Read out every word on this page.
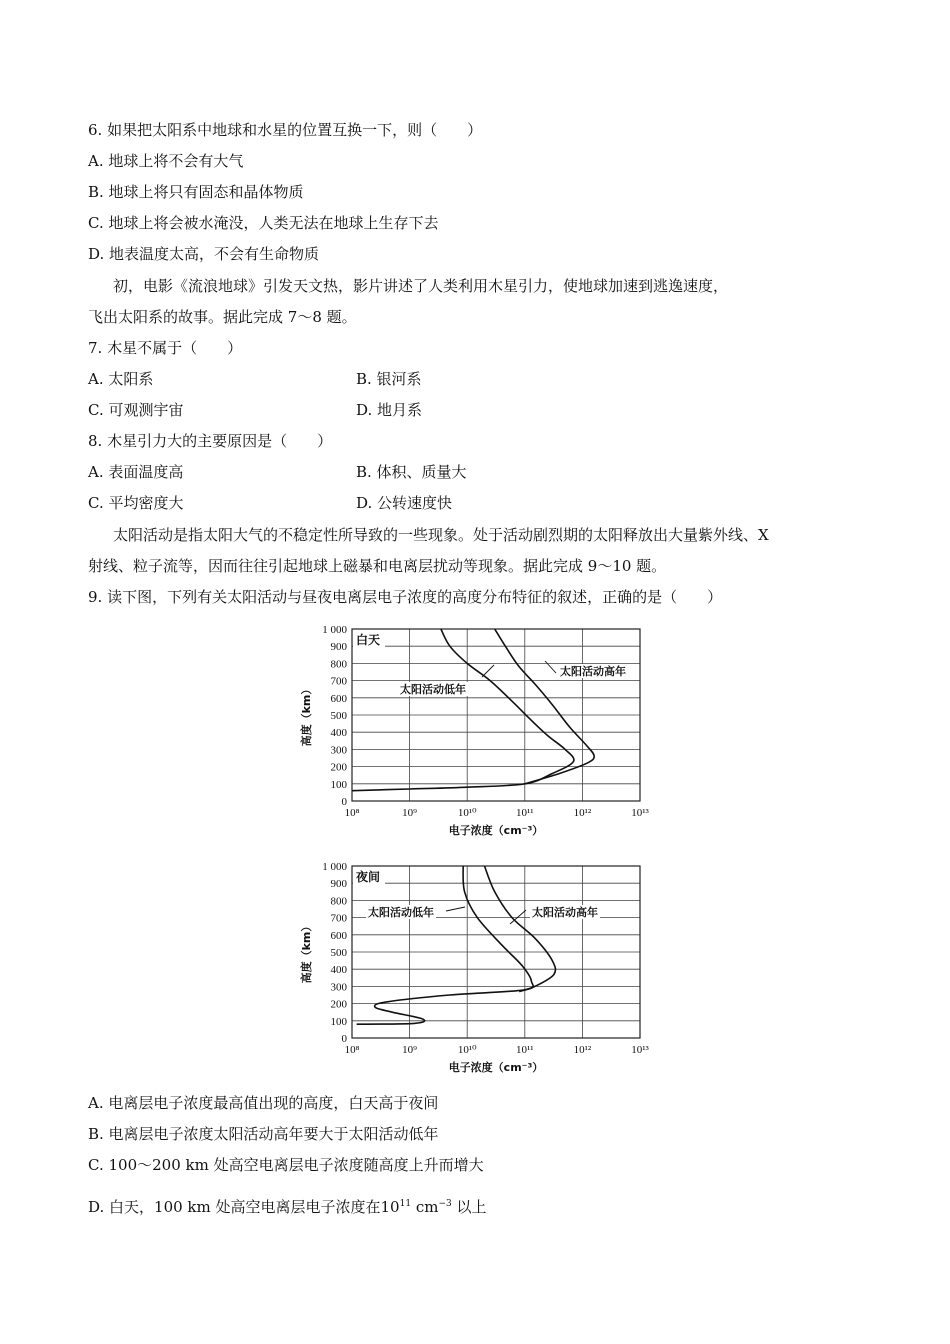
6. 如果把太阳系中地球和水星的位置互换一下，则（　　）
A. 地球上将不会有大气
B. 地球上将只有固态和晶体物质
C. 地球上将会被水淹没，人类无法在地球上生存下去
D. 地表温度太高，不会有生命物质
初，电影《流浪地球》引发天文热，影片讲述了人类利用木星引力，使地球加速到逃逸速度，
飞出太阳系的故事。据此完成 7～8 题。
7. 木星不属于（　　）
A. 太阳系	B. 银河系
C. 可观测宇宙	D. 地月系
8. 木星引力大的主要原因是（　　）
A. 表面温度高	B. 体积、质量大
C. 平均密度大	D. 公转速度快
太阳活动是指太阳大气的不稳定性所导致的一些现象。处于活动剧烈期的太阳释放出大量紫外线、X
射线、粒子流等，因而往往引起地球上磁暴和电离层扰动等现象。据此完成 9～10 题。
9. 读下图，下列有关太阳活动与昼夜电离层电子浓度的高度分布特征的叙述，正确的是（　　）
0
100
200
300
400
500
600
700
800
900
1 000
10⁸	10⁹	10¹⁰	10¹¹	10¹²	10¹³
白天
高度（km）
电子浓度（cm⁻³）
太阳活动低年
太阳活动高年
0
100
200
300
400
500
600
700
800
900
1 000
10⁸	10⁹	10¹⁰	10¹¹	10¹²	10¹³
夜间
高度（km）
电子浓度（cm⁻³）
太阳活动低年	太阳活动高年
A. 电离层电子浓度最高值出现的高度，白天高于夜间
B. 电离层电子浓度太阳活动高年要大于太阳活动低年
C. 100～200 km 处高空电离层电子浓度随高度上升而增大
D. 白天，100 km 处高空电离层电子浓度在$10^{11}$ $cm^{-3}$ 以上
